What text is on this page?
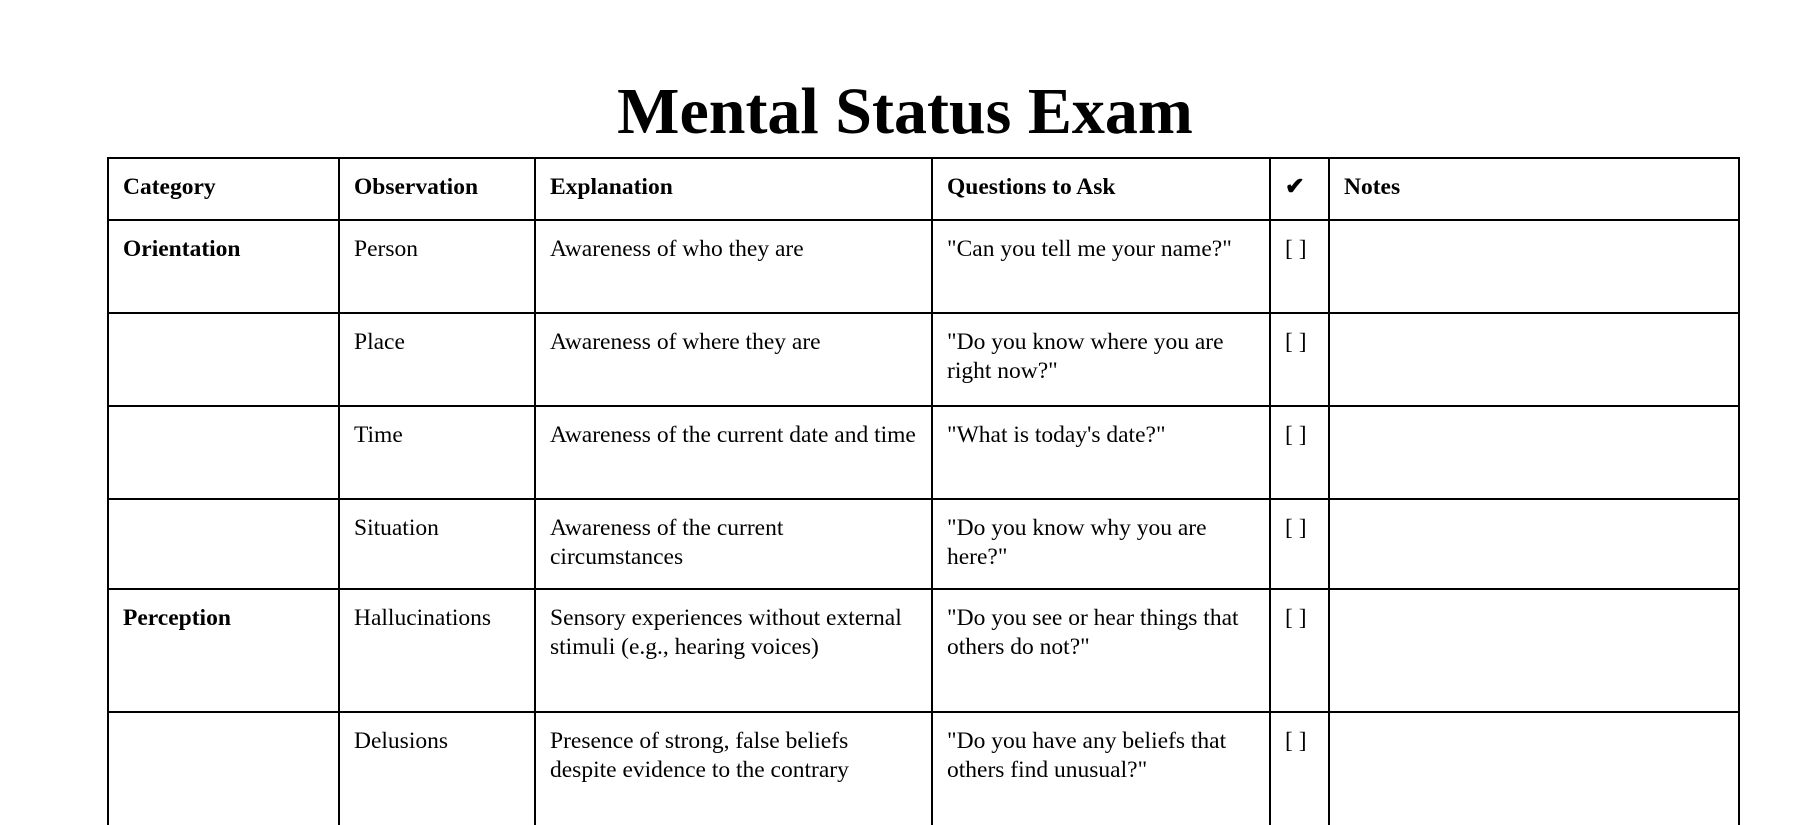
Mental Status Exam
Category	Observation	Explanation	Questions to Ask	✔	Notes
Orientation	Person	Awareness of who they are	"Can you tell me your name?"	[ ]	
	Place	Awareness of where they are	"Do you know where you are right now?"	[ ]	
	Time	Awareness of the current date and time	"What is today's date?"	[ ]	
	Situation	Awareness of the current circumstances	"Do you know why you are here?"	[ ]	
Perception	Hallucinations	Sensory experiences without external stimuli (e.g., hearing voices)	"Do you see or hear things that others do not?"	[ ]	
	Delusions	Presence of strong, false beliefs despite evidence to the contrary	"Do you have any beliefs that others find unusual?"	[ ]	
